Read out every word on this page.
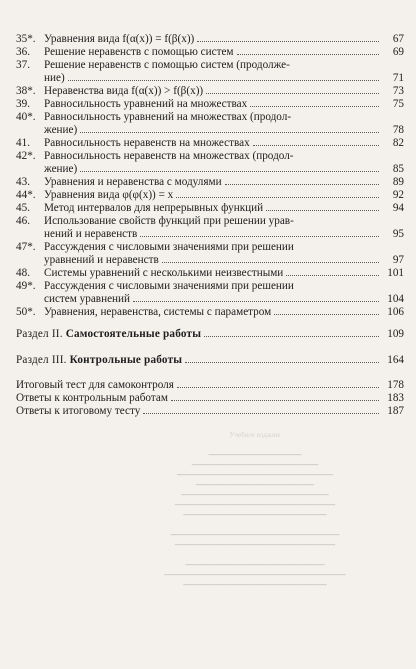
35*. Уравнения вида f(α(x)) = f(β(x))	67
36.	Решение неравенств с помощью систем	69
37.	Решение неравенств с помощью систем (продолже-
ние)	71
38*. Неравенства вида f(α(x)) > f(β(x))	73
39.	Равносильность уравнений на множествах	75
40*. Равносильность уравнений на множествах (продол-
жение)	78
41.	Равносильность неравенств на множествах	82
42*. Равносильность неравенств на множествах (продол-
жение)	85
43.	Уравнения и неравенства с модулями	89
44*. Уравнения вида φ(φ(x)) = x	92
45.	Метод интервалов для непрерывных функций	94
46.	Использование свойств функций при решении урав-
нений и неравенств	95
47*. Рассуждения с числовыми значениями при решении
уравнений и неравенств	97
48.	Системы уравнений с несколькими неизвестными	101
49*. Рассуждения с числовыми значениями при решении
систем уравнений	104
50*. Уравнения, неравенства, системы с параметром	106
Раздел II. Самостоятельные работы	109
Раздел III. Контрольные работы	164
Итоговый тест для самоконтроля	178
Ответы к контрольным работам	183
Ответы к итоговому тесту	187
Учебное издание

━━━━━━━━━━━━━━━━━━━━━━
━━━━━━━━━━━━━━━━━━━━━━━━━━━━━━
━━━━━━━━━━━━━━━━━━━━━━━━━━━━━━━━━━━━━
━━━━━━━━━━━━━━━━━━━━━━━━━━━━
━━━━━━━━━━━━━━━━━━━━━━━━━━━━━━━━━━━
━━━━━━━━━━━━━━━━━━━━━━━━━━━━━━━━━━━━━━
━━━━━━━━━━━━━━━━━━━━━━━━━━━━━━━━━━

━━━━━━━━━━━━━━━━━━━━━━━━━━━━━━━━━━━━━━━━
━━━━━━━━━━━━━━━━━━━━━━━━━━━━━━━━━━━━━━

━━━━━━━━━━━━━━━━━━━━━━━━━━━━━━━━━
━━━━━━━━━━━━━━━━━━━━━━━━━━━━━━━━━━━━━━━━━━━
━━━━━━━━━━━━━━━━━━━━━━━━━━━━━━━━━━
